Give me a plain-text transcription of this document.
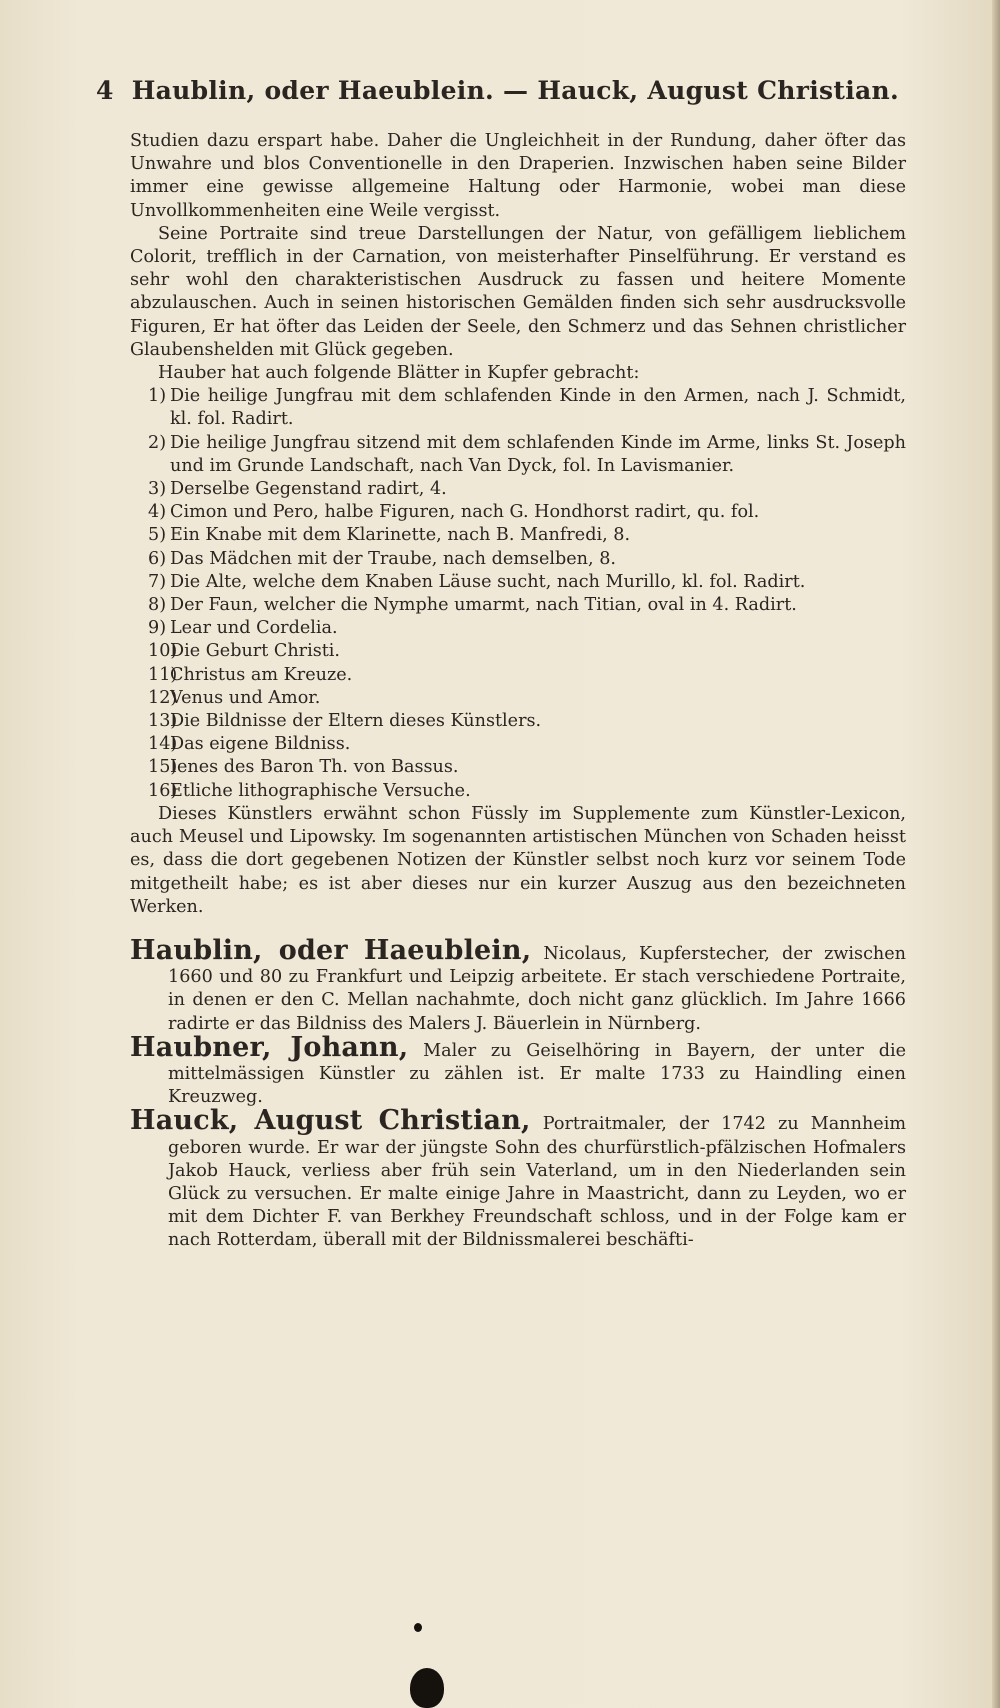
4 Haublin, oder Haeublein. — Hauck, August Christian.

Studien dazu erspart habe. Daher die Ungleichheit in der Rundung, daher öfter das Unwahre und blos Conventionelle in den Draperien. Inzwischen haben seine Bilder immer eine gewisse allgemeine Haltung oder Harmonie, wobei man diese Unvollkommenheiten eine Weile vergisst.

Seine Portraite sind treue Darstellungen der Natur, von gefälligem lieblichem Colorit, trefflich in der Carnation, von meisterhafter Pinselführung. Er verstand es sehr wohl den charakteristischen Ausdruck zu fassen und heitere Momente abzulauschen. Auch in seinen historischen Gemälden finden sich sehr ausdrucksvolle Figuren, Er hat öfter das Leiden der Seele, den Schmerz und das Sehnen christlicher Glaubenshelden mit Glück gegeben.

Hauber hat auch folgende Blätter in Kupfer gebracht:

1) Die heilige Jungfrau mit dem schlafenden Kinde in den Armen, nach J. Schmidt, kl. fol. Radirt.
2) Die heilige Jungfrau sitzend mit dem schlafenden Kinde im Arme, links St. Joseph und im Grunde Landschaft, nach Van Dyck, fol. In Lavismanier.
3) Derselbe Gegenstand radirt, 4.
4) Cimon und Pero, halbe Figuren, nach G. Hondhorst radirt, qu. fol.
5) Ein Knabe mit dem Klarinette, nach B. Manfredi, 8.
6) Das Mädchen mit der Traube, nach demselben, 8.
7) Die Alte, welche dem Knaben Läuse sucht, nach Murillo, kl. fol. Radirt.
8) Der Faun, welcher die Nymphe umarmt, nach Titian, oval in 4. Radirt.
9) Lear und Cordelia.
10)
Die Geburt Christi.
11)
Christus am Kreuze.
12)
Venus und Amor.
13)
Die Bildnisse der Eltern dieses Künstlers.
14)
Das eigene Bildniss.
15)
Ienes des Baron Th. von Bassus.
16)
Etliche lithographische Versuche.

Dieses Künstlers erwähnt schon Füssly im Supplemente zum Künstler-Lexicon, auch Meusel und Lipowsky. Im sogenannten artistischen München von Schaden heisst es, dass die dort gegebenen Notizen der Künstler selbst noch kurz vor seinem Tode mitgetheilt habe; es ist aber dieses nur ein kurzer Auszug aus den bezeichneten Werken.

Haublin, oder Haeublein, Nicolaus, Kupferstecher, der zwischen 1660 und 80 zu Frankfurt und Leipzig arbeitete. Er stach verschiedene Portraite, in denen er den C. Mellan nachahmte, doch nicht ganz glücklich. Im Jahre 1666 radirte er das Bildniss des Malers J. Bäuerlein in Nürnberg.

Haubner, Johann, Maler zu Geiselhöring in Bayern, der unter die mittelmässigen Künstler zu zählen ist. Er malte 1733 zu Haindling einen Kreuzweg.

Hauck, August Christian, Portraitmaler, der 1742 zu Mannheim geboren wurde. Er war der jüngste Sohn des churfürstlich-pfälzischen Hofmalers Jakob Hauck, verliess aber früh sein Vaterland, um in den Niederlanden sein Glück zu versuchen. Er malte einige Jahre in Maastricht, dann zu Leyden, wo er mit dem Dichter F. van Berkhey Freundschaft schloss, und in der Folge kam er nach Rotterdam, überall mit der Bildnissmalerei beschäfti-
